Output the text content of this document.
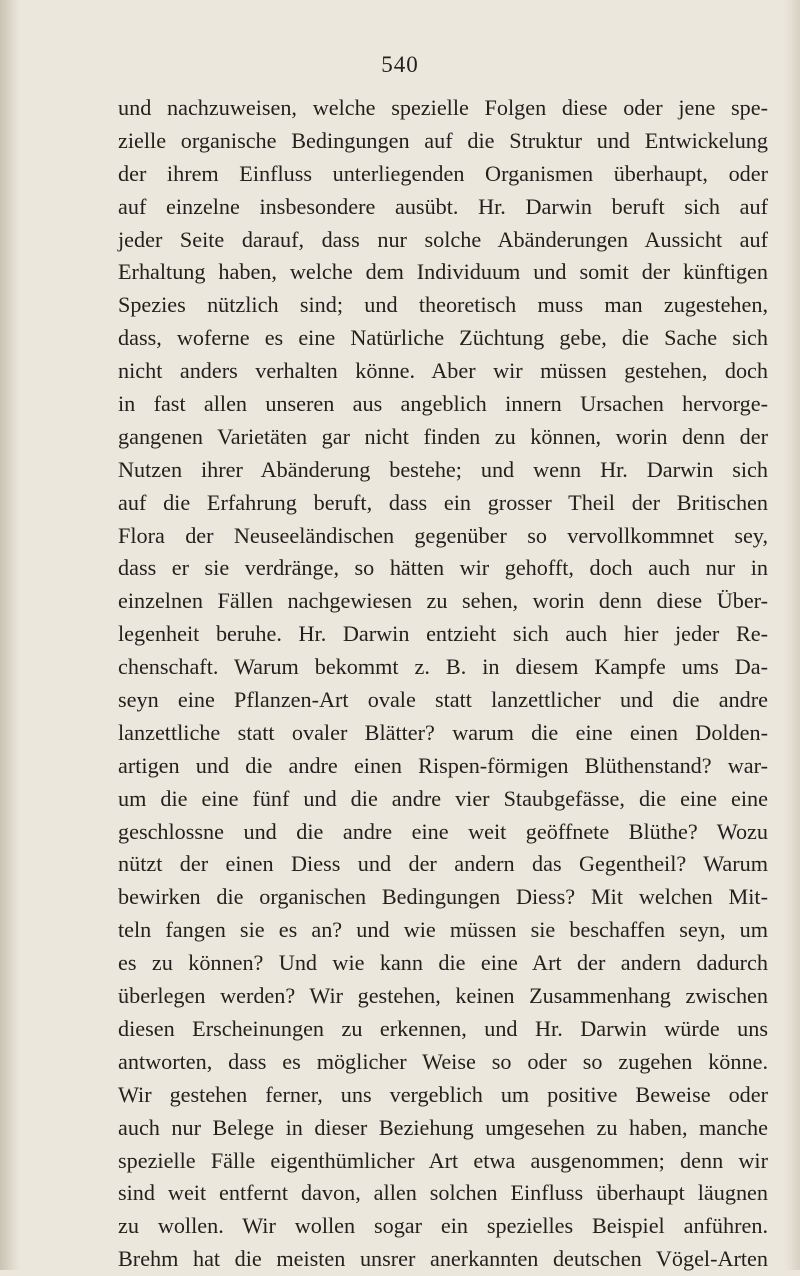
540
und nachzuweisen, welche spezielle Folgen diese oder jene spe-
zielle organische Bedingungen auf die Struktur und Entwickelung
der ihrem Einfluss unterliegenden Organismen überhaupt, oder
auf einzelne insbesondere ausübt. Hr. Darwin beruft sich auf
jeder Seite darauf, dass nur solche Abänderungen Aussicht auf
Erhaltung haben, welche dem Individuum und somit der künftigen
Spezies nützlich sind; und theoretisch muss man zugestehen,
dass, woferne es eine Natürliche Züchtung gebe, die Sache sich
nicht anders verhalten könne. Aber wir müssen gestehen, doch
in fast allen unseren aus angeblich innern Ursachen hervorge-
gangenen Varietäten gar nicht finden zu können, worin denn der
Nutzen ihrer Abänderung bestehe; und wenn Hr. Darwin sich
auf die Erfahrung beruft, dass ein grosser Theil der Britischen
Flora der Neuseeländischen gegenüber so vervollkommnet sey,
dass er sie verdränge, so hätten wir gehofft, doch auch nur in
einzelnen Fällen nachgewiesen zu sehen, worin denn diese Über-
legenheit beruhe. Hr. Darwin entzieht sich auch hier jeder Re-
chenschaft. Warum bekommt z. B. in diesem Kampfe ums Da-
seyn eine Pflanzen-Art ovale statt lanzettlicher und die andre
lanzettliche statt ovaler Blätter? warum die eine einen Dolden-
artigen und die andre einen Rispen-förmigen Blüthenstand? war-
um die eine fünf und die andre vier Staubgefässe, die eine eine
geschlossne und die andre eine weit geöffnete Blüthe? Wozu
nützt der einen Diess und der andern das Gegentheil? Warum
bewirken die organischen Bedingungen Diess? Mit welchen Mit-
teln fangen sie es an? und wie müssen sie beschaffen seyn, um
es zu können? Und wie kann die eine Art der andern dadurch
überlegen werden? Wir gestehen, keinen Zusammenhang zwischen
diesen Erscheinungen zu erkennen, und Hr. Darwin würde uns
antworten, dass es möglicher Weise so oder so zugehen könne.
Wir gestehen ferner, uns vergeblich um positive Beweise oder
auch nur Belege in dieser Beziehung umgesehen zu haben, manche
spezielle Fälle eigenthümlicher Art etwa ausgenommen; denn wir
sind weit entfernt davon, allen solchen Einfluss überhaupt läugnen
zu wollen. Wir wollen sogar ein spezielles Beispiel anführen.
Brehm hat die meisten unsrer anerkannten deutschen Vögel-Arten
